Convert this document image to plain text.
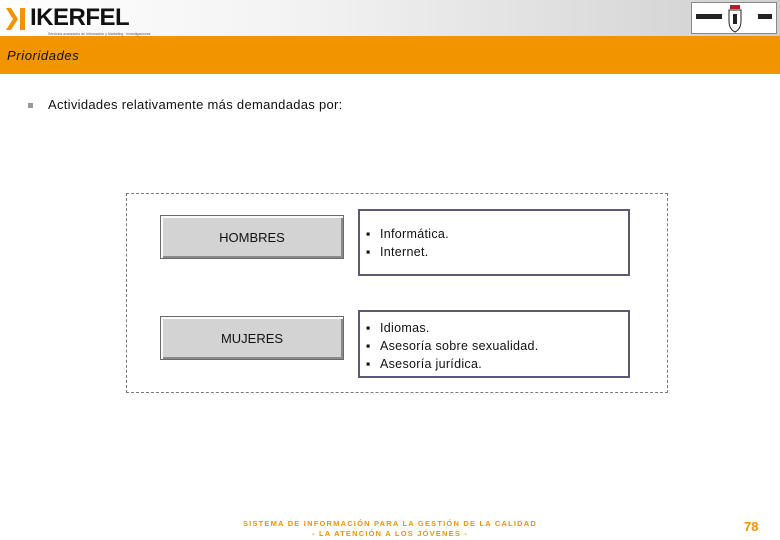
IKERFEL
Servicios avanzados de Información y Marketing · Investigaciones
Prioridades
Actividades relativamente más demandadas por:
HOMBRES	▪ Informática.
▪ Internet.
MUJERES
▪ Idiomas.
▪ Asesoría sobre sexualidad.
▪ Asesoría jurídica.
SISTEMA DE INFORMACIÓN PARA LA GESTIÓN DE LA CALIDAD
- LA ATENCIÓN A LOS JÓVENES -	78
